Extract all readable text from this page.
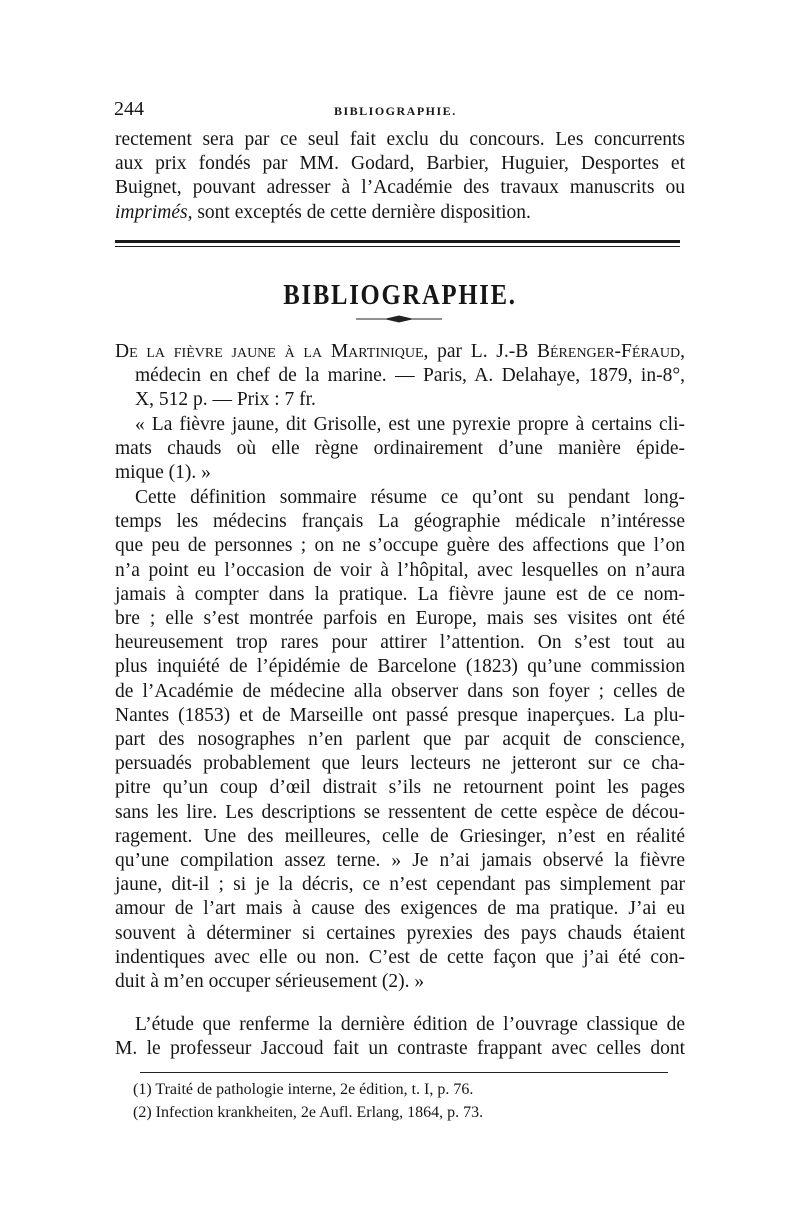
244	BIBLIOGRAPHIE.
rectement sera par ce seul fait exclu du concours. Les concurrents
aux prix fondés par MM. Godard, Barbier, Huguier, Desportes et
Buignet, pouvant adresser à l’Académie des travaux manuscrits ou
imprimés, sont exceptés de cette dernière disposition.
BIBLIOGRAPHIE.
De la fièvre jaune à la Martinique, par L. J.-B Bérenger-Féraud,
médecin en chef de la marine. — Paris, A. Delahaye, 1879, in-8°,
X, 512 p. — Prix : 7 fr.
« La fièvre jaune, dit Grisolle, est une pyrexie propre à certains cli-
mats chauds où elle règne ordinairement d’une manière épide-
mique (1). »
Cette définition sommaire résume ce qu’ont su pendant long-
temps les médecins français La géographie médicale n’intéresse
que peu de personnes ; on ne s’occupe guère des affections que l’on
n’a point eu l’occasion de voir à l’hôpital, avec lesquelles on n’aura
jamais à compter dans la pratique. La fièvre jaune est de ce nom-
bre ; elle s’est montrée parfois en Europe, mais ses visites ont été
heureusement trop rares pour attirer l’attention. On s’est tout au
plus inquiété de l’épidémie de Barcelone (1823) qu’une commission
de l’Académie de médecine alla observer dans son foyer ; celles de
Nantes (1853) et de Marseille ont passé presque inaperçues. La plu-
part des nosographes n’en parlent que par acquit de conscience,
persuadés probablement que leurs lecteurs ne jetteront sur ce cha-
pitre qu’un coup d’œil distrait s’ils ne retournent point les pages
sans les lire. Les descriptions se ressentent de cette espèce de décou-
ragement. Une des meilleures, celle de Griesinger, n’est en réalité
qu’une compilation assez terne. » Je n’ai jamais observé la fièvre
jaune, dit-il ; si je la décris, ce n’est cependant pas simplement par
amour de l’art mais à cause des exigences de ma pratique. J’ai eu
souvent à déterminer si certaines pyrexies des pays chauds étaient
indentiques avec elle ou non. C’est de cette façon que j’ai été con-
duit à m’en occuper sérieusement (2). »
L’étude que renferme la dernière édition de l’ouvrage classique de
M. le professeur Jaccoud fait un contraste frappant avec celles dont
(1) Traité de pathologie interne, 2e édition, t. I, p. 76.
(2) Infection krankheiten, 2e Aufl. Erlang, 1864, p. 73.
